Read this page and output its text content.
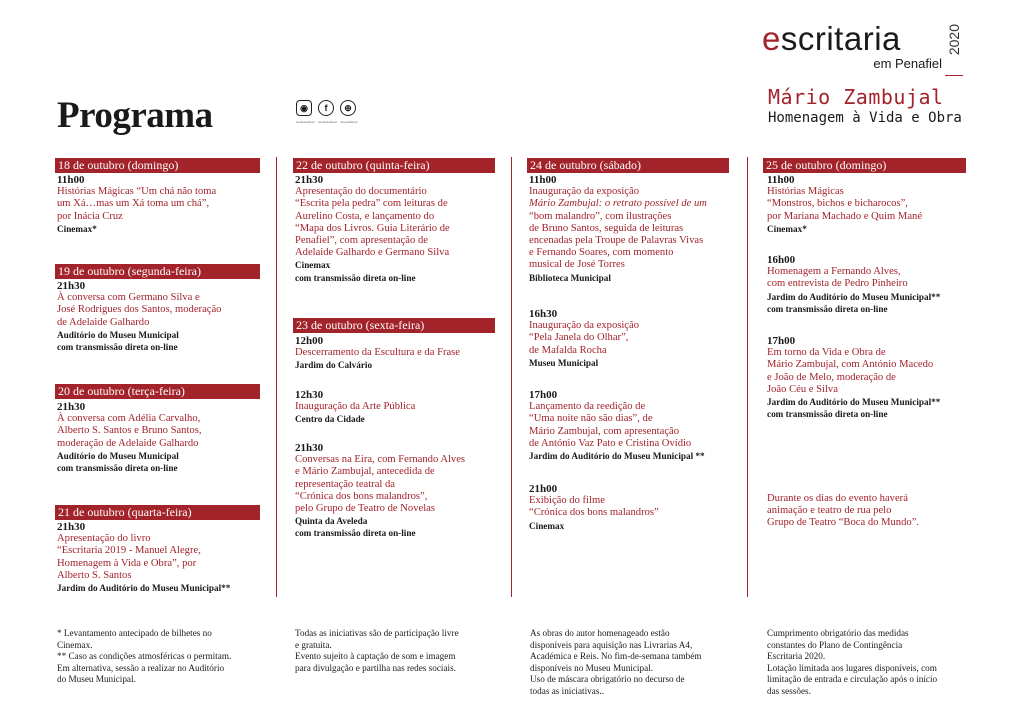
Programa	◉
escritariaoficial
f
escritariaoficial
⊕
cm-penafiel.pt
escritaria	2020
em Penafiel
Mário Zambujal
Homenagem à Vida e Obra
18 de outubro (domingo)
11h00
Histórias Mágicas “Um chá não toma
um Xá…mas um Xá toma um chá”,
por Inácia Cruz
Cinemax*
19 de outubro (segunda-feira)
21h30
À conversa com Germano Silva e
José Rodrigues dos Santos, moderação
de Adelaide Galhardo
Auditório do Museu Municipal
com transmissão direta on-line
20 de outubro (terça-feira)
21h30
À conversa com Adélia Carvalho,
Alberto S. Santos e Bruno Santos,
moderação de Adelaide Galhardo
Auditório do Museu Municipal
com transmissão direta on-line
21 de outubro (quarta-feira)
21h30
Apresentação do livro
“Escritaria 2019 - Manuel Alegre,
Homenagem à Vida e Obra”, por
Alberto S. Santos
Jardim do Auditório do Museu Municipal**
22 de outubro (quinta-feira)
21h30
Apresentação do documentário
“Escrita pela pedra” com leituras de
Aurelino Costa, e lançamento do
“Mapa dos Livros. Guia Literário de
Penafiel”, com apresentação de
Adelaide Galhardo e Germano Silva
Cinemax
com transmissão direta on-line
23 de outubro (sexta-feira)
12h00
Descerramento da Escultura e da Frase
Jardim do Calvário
12h30
Inauguração da Arte Pública
Centro da Cidade
21h30
Conversas na Eira, com Fernando Alves
e Mário Zambujal, antecedida de
representação teatral da
“Crónica dos bons malandros”,
pelo Grupo de Teatro de Novelas
Quinta da Aveleda
com transmissão direta on-line
24 de outubro (sábado)
11h00
Inauguração da exposição
Mário Zambujal: o retrato possível de um
“bom malandro”, com ilustrações
de Bruno Santos, seguida de leituras
encenadas pela Troupe de Palavras Vivas
e Fernando Soares, com momento
musical de José Torres
Biblioteca Municipal
16h30
Inauguração da exposição
“Pela Janela do Olhar”,
de Mafalda Rocha
Museu Municipal
17h00
Lançamento da reedição de
“Uma noite não são dias”, de
Mário Zambujal, com apresentação
de António Vaz Pato e Cristina Ovídio
Jardim do Auditório do Museu Municipal **
21h00
Exibição do filme
“Crónica dos bons malandros”
Cinemax
25 de outubro (domingo)
11h00
Histórias Mágicas
“Monstros, bichos e bicharocos”,
por Mariana Machado e Quim Mané
Cinemax*
16h00
Homenagem a Fernando Alves,
com entrevista de Pedro Pinheiro
Jardim do Auditório do Museu Municipal**
com transmissão direta on-line
17h00
Em torno da Vida e Obra de
Mário Zambujal, com António Macedo
e João de Melo, moderação de
João Céu e Silva
Jardim do Auditório do Museu Municipal**
com transmissão direta on-line
Durante os dias do evento haverá
animação e teatro de rua pelo
Grupo de Teatro “Boca do Mundo”.
* Levantamento antecipado de bilhetes no
Cinemax.
** Caso as condições atmosféricas o permitam.
Em alternativa, sessão a realizar no Auditório
do Museu Municipal.
Todas as iniciativas são de participação livre
e gratuita.
Evento sujeito à captação de som e imagem
para divulgação e partilha nas redes sociais.
As obras do autor homenageado estão
disponíveis para aquisição nas Livrarias A4,
Académica e Reis. No fim-de-semana também
disponíveis no Museu Municipal.
Uso de máscara obrigatório no decurso de
todas as iniciativas..
Cumprimento obrigatório das medidas
constantes do Plano de Contingência
Escritaria 2020.
Lotação limitada aos lugares disponíveis, com
limitação de entrada e circulação após o início
das sessões.
